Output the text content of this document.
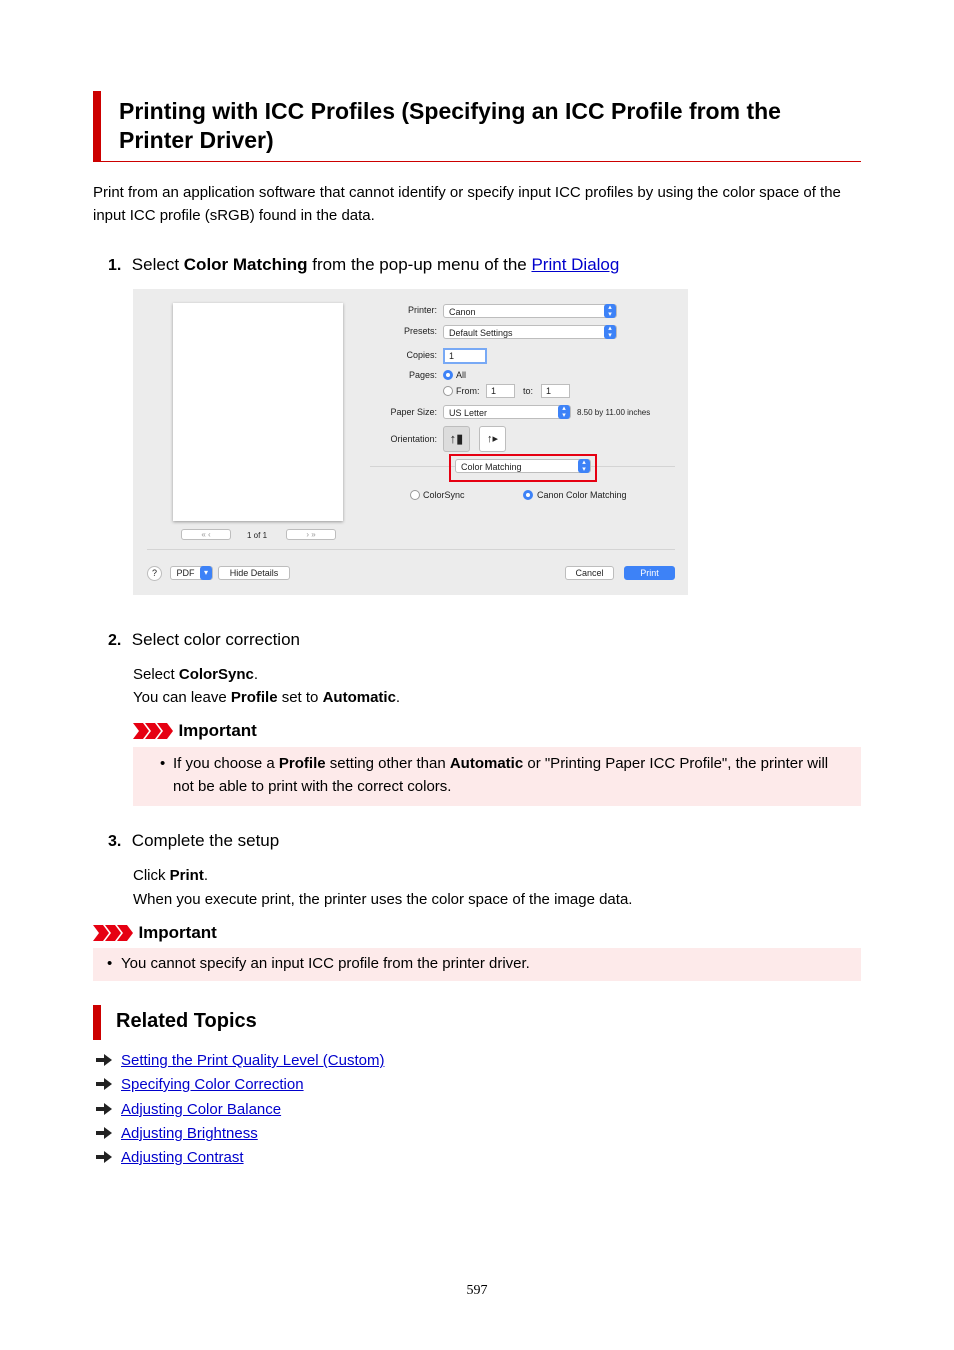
Printing with ICC Profiles (Specifying an ICC Profile from the Printer Driver)
Print from an application software that cannot identify or specify input ICC profiles by using the color space of the input ICC profile (sRGB) found in the data.
1. Select Color Matching from the pop-up menu of the Print Dialog
« ‹	1 of 1	› »
Printer:	Canon	▴
▾
Presets:	Default Settings	▴
▾
Copies:	1
Pages: All
From:	1	to:	1
Paper Size:	US Letter	▴
▾	8.50 by 11.00 inches
Orientation: ↑▮	↑▸
Color Matching	▴
▾
ColorSync	Canon Color Matching
?	PDF	▾	Hide Details	Cancel	Print
2. Select color correction
Select ColorSync.
You can leave Profile set to Automatic.
Important
• If you choose a Profile setting other than Automatic or "Printing Paper ICC Profile", the printer will not be able to print with the correct colors.
3. Complete the setup
Click Print.
When you execute print, the printer uses the color space of the image data.
Important
• You cannot specify an input ICC profile from the printer driver.
Related Topics
Setting the Print Quality Level (Custom)
Specifying Color Correction
Adjusting Color Balance
Adjusting Brightness
Adjusting Contrast
597
